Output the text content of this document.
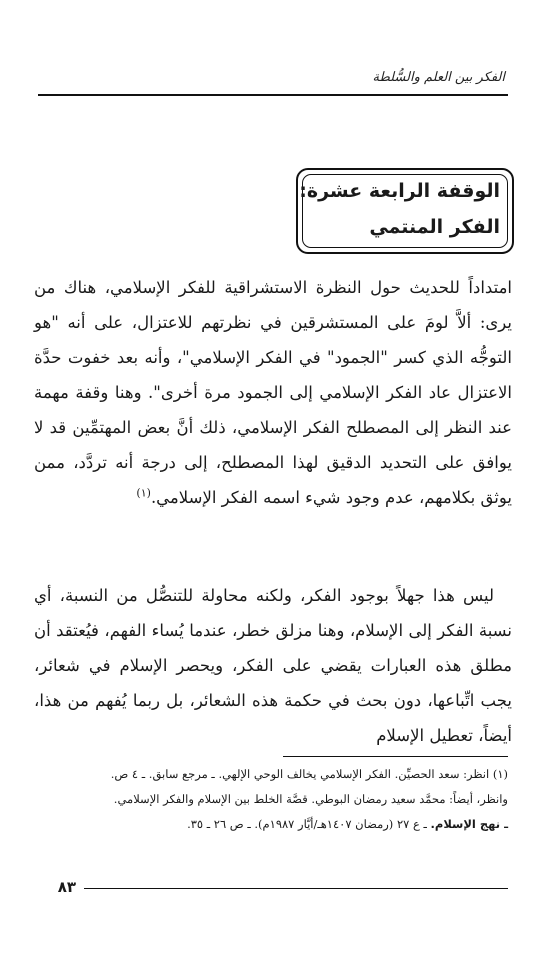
الفكر بين العلم والسُّلطة
الوقفة الرابعة عشرة:
الفكر المنتمي

امتداداً للحديث حول النظرة الاستشراقية للفكر الإسلامي، هناك من يرى: ألاَّ لومَ على المستشرقين في نظرتهم للاعتزال، على أنه "هو التوجُّه الذي كسر "الجمود" في الفكر الإسلامي"، وأنه بعد خفوت حدَّة الاعتزال عاد الفكر الإسلامي إلى الجمود مرة أخرى". وهنا وقفة مهمة عند النظر إلى المصطلح الفكر الإسلامي، ذلك أنَّ بعض المهتمِّين قد لا يوافق على التحديد الدقيق لهذا المصطلح، إلى درجة أنه تردَّد، ممن يوثق بكلامهم، عدم وجود شيء اسمه الفكر الإسلامي.$^{(١)}$

ليس هذا جهلاً بوجود الفكر، ولكنه محاولة للتنصُّل من النسبة، أي نسبة الفكر إلى الإسلام، وهنا مزلق خطر، عندما يُساء الفهم، فيُعتقد أن مطلق هذه العبارات يقضي على الفكر، ويحصر الإسلام في شعائر، يجب اتِّباعها، دون بحث في حكمة هذه الشعائر، بل ربما يُفهم من هذا، أيضاً، تعطيل الإسلام

(١) انظر: سعد الحصيِّن. الفكر الإسلامي يخالف الوحي الإلهي. ـ مرجع سابق. ـ ٤ ص.
وانظر، أيضاً: محمَّد سعيد رمضان البوطي. قصَّة الخلط بين الإسلام والفكر الإسلامي.
ـ نهج الإسلام. ـ ع ٢٧ (رمضان ١٤٠٧هـ/أيَّار ١٩٨٧م). ـ ص ٢٦ ـ ٣٥.
٨٣
